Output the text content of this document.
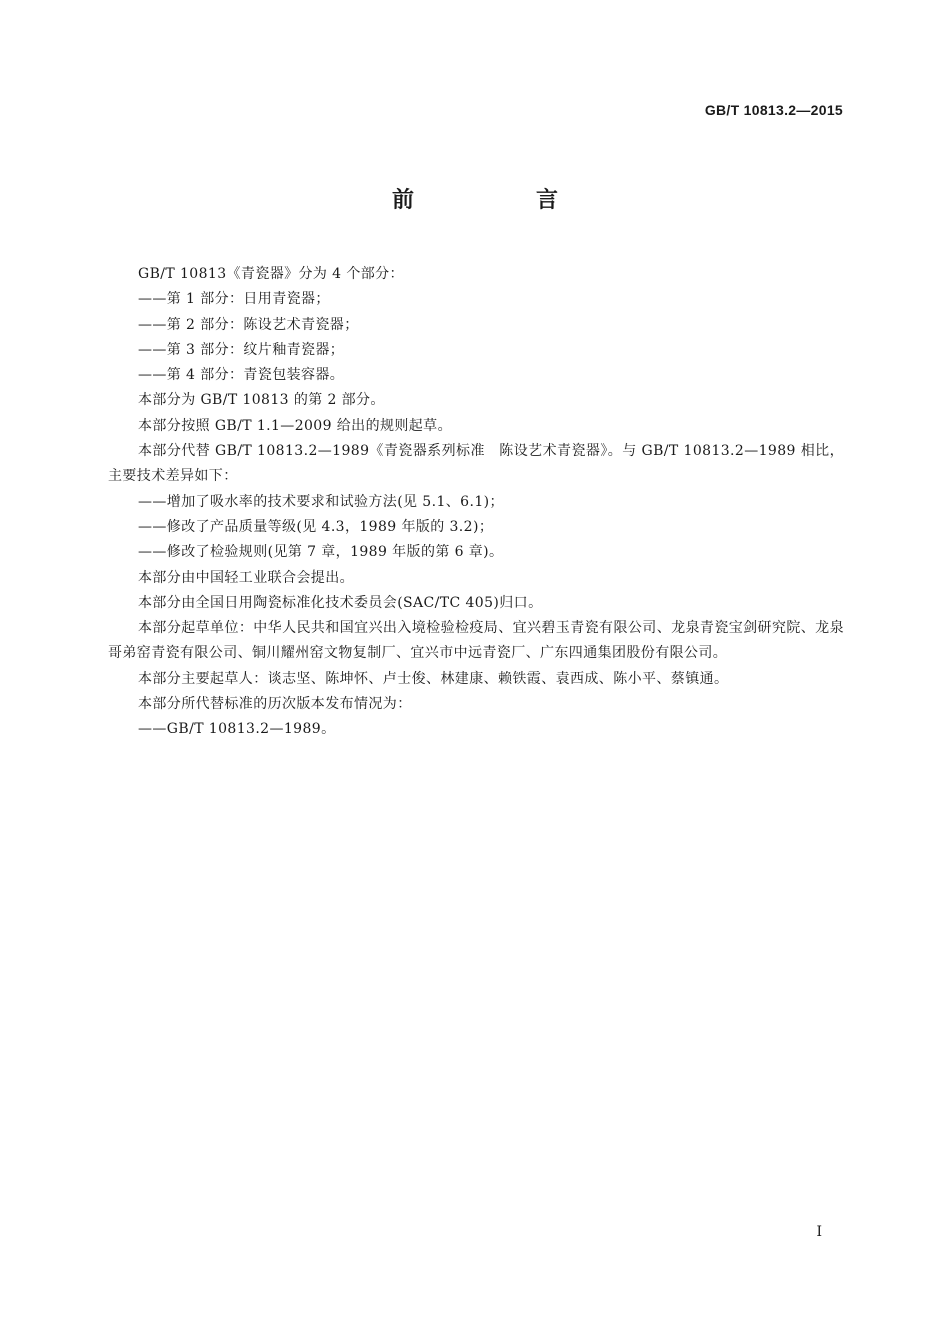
GB/T 10813.2—2015
前　言

GB/T 10813《青瓷器》分为 4 个部分：

——第 1 部分：日用青瓷器；

——第 2 部分：陈设艺术青瓷器；

——第 3 部分：纹片釉青瓷器；

——第 4 部分：青瓷包装容器。

本部分为 GB/T 10813 的第 2 部分。

本部分按照 GB/T 1.1—2009 给出的规则起草。

本部分代替 GB/T 10813.2—1989《青瓷器系列标准　陈设艺术青瓷器》。与 GB/T 10813.2—1989 相比，主要技术差异如下：

——增加了吸水率的技术要求和试验方法(见 5.1、6.1)；

——修改了产品质量等级(见 4.3，1989 年版的 3.2)；

——修改了检验规则(见第 7 章，1989 年版的第 6 章)。

本部分由中国轻工业联合会提出。

本部分由全国日用陶瓷标准化技术委员会(SAC/TC 405)归口。

本部分起草单位：中华人民共和国宜兴出入境检验检疫局、宜兴碧玉青瓷有限公司、龙泉青瓷宝剑研究院、龙泉哥弟窑青瓷有限公司、铜川耀州窑文物复制厂、宜兴市中远青瓷厂、广东四通集团股份有限公司。

本部分主要起草人：谈志坚、陈坤怀、卢士俊、林建康、赖铁霞、袁西成、陈小平、蔡镇通。

本部分所代替标准的历次版本发布情况为：

——GB/T 10813.2—1989。

I
